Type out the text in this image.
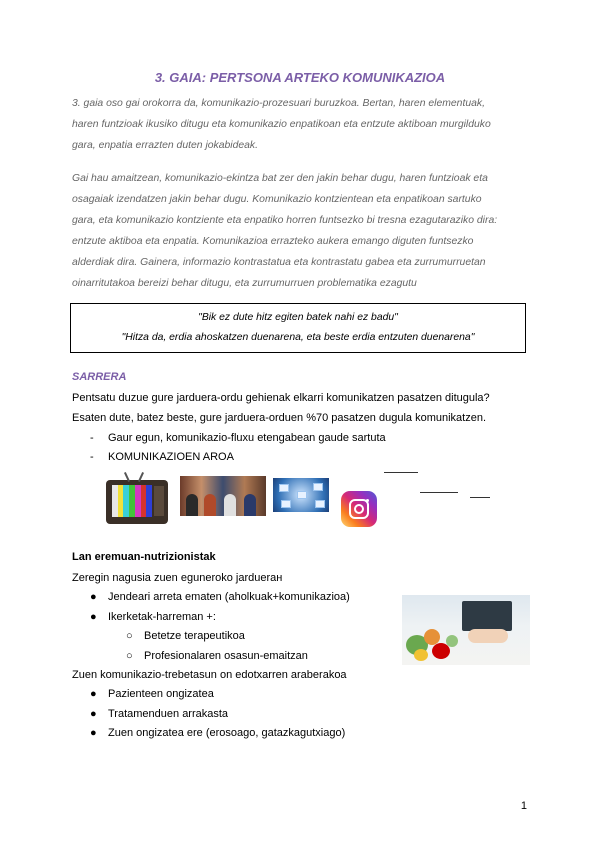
3. GAIA: PERTSONA ARTEKO KOMUNIKAZIOA
3. gaia oso gai orokorra da, komunikazio-prozesuari buruzkoa. Bertan, haren elementuak,
haren funtzioak ikusiko ditugu eta komunikazio enpatikoan eta entzute aktiboan murgilduko
gara, enpatia errazten duten jokabideak.
Gai hau amaitzean, komunikazio-ekintza bat zer den jakin behar dugu, haren funtzioak eta
osagaiak izendatzen jakin behar dugu. Komunikazio kontzientean eta enpatikoan sartuko
gara, eta komunikazio kontziente eta enpatiko horren funtsezko bi tresna ezagutaraziko dira:
entzute aktiboa eta enpatia. Komunikazioa errazteko aukera emango diguten funtsezko
alderdiak dira. Gainera, informazio kontrastatua eta kontrastatu gabea eta zurrumurruetan
oinarritutakoa bereizi behar ditugu, eta zurrumurruen problematika ezagutu
"Bik ez dute hitz egiten batek nahi ez badu"
"Hitza da, erdia ahoskatzen duenarena, eta beste erdia entzuten duenarena"
SARRERA
Pentsatu duzue gure jarduera-ordu gehienak elkarri komunikatzen pasatzen ditugula?
Esaten dute, batez beste, gure jarduera-orduen %70 pasatzen dugula komunikatzen.
- Gaur egun, komunikazio-fluxu etengabean gaude sartuta
- KOMUNIKAZIOEN AROA
Lan eremuan-nutrizionistak
Zeregin nagusia zuen eguneroko jarduerан
● Jendeari arreta ematen (aholkuak+komunikazioa)
● Ikerketak-harreman +:
○ Betetze terapeutikoa
○ Profesionalaren osasun-emaitzan
Zuen komunikazio-trebetasun on edotxarren araberakoa
● Pazienteen ongizatea
● Tratamenduen arrakasta
● Zuen ongizatea ere (erosoago, gatazkagutxiago)
1
